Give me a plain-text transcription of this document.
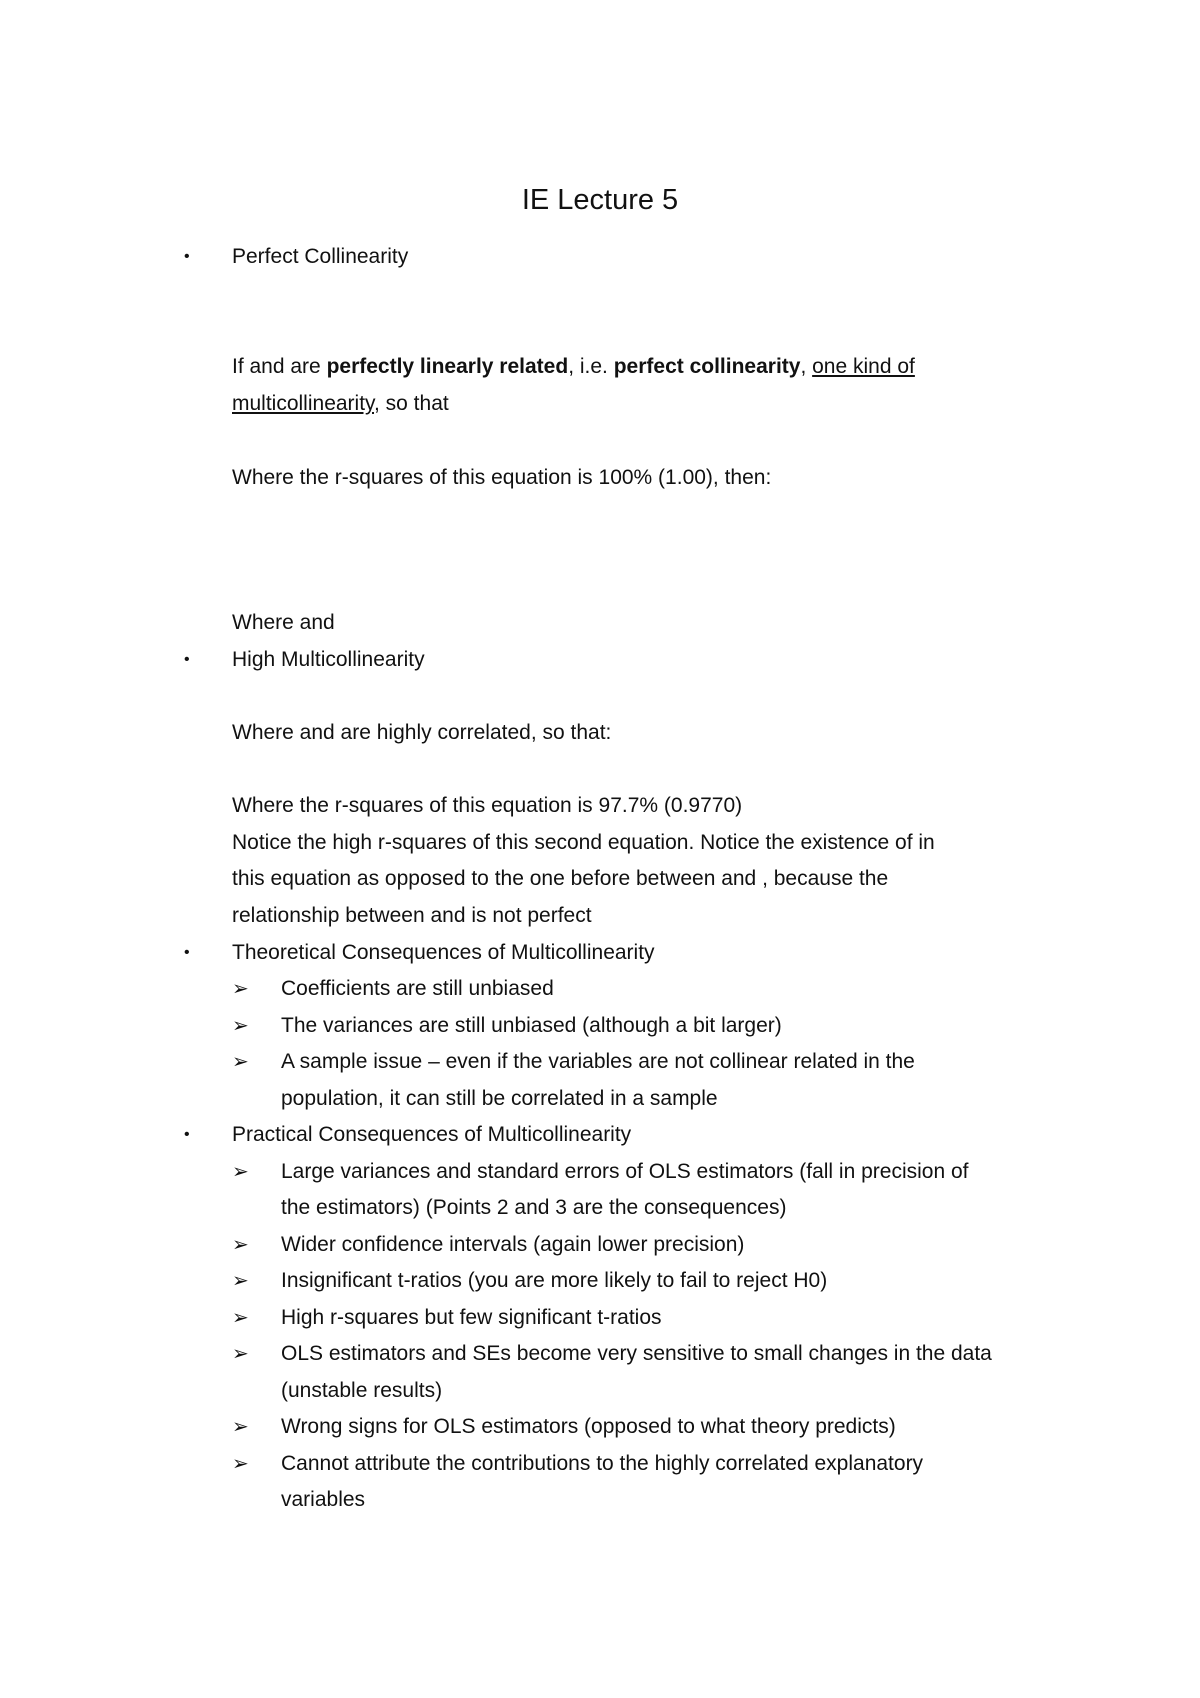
IE Lecture 5
• Perfect Collinearity
If and are perfectly linearly related, i.e. perfect collinearity, one kind of
multicollinearity, so that
Where the r-squares of this equation is 100% (1.00), then:
Where and
• High Multicollinearity
Where and are highly correlated, so that:
Where the r-squares of this equation is 97.7% (0.9770)
Notice the high r-squares of this second equation. Notice the existence of in
this equation as opposed to the one before between and , because the
relationship between and is not perfect
• Theoretical Consequences of Multicollinearity
➢ Coefficients are still unbiased
➢ The variances are still unbiased (although a bit larger)
➢ A sample issue – even if the variables are not collinear related in the
population, it can still be correlated in a sample
• Practical Consequences of Multicollinearity
➢ Large variances and standard errors of OLS estimators (fall in precision of
the estimators) (Points 2 and 3 are the consequences)
➢ Wider confidence intervals (again lower precision)
➢ Insignificant t-ratios (you are more likely to fail to reject H0)
➢ High r-squares but few significant t-ratios
➢ OLS estimators and SEs become very sensitive to small changes in the data
(unstable results)
➢ Wrong signs for OLS estimators (opposed to what theory predicts)
➢ Cannot attribute the contributions to the highly correlated explanatory
variables
